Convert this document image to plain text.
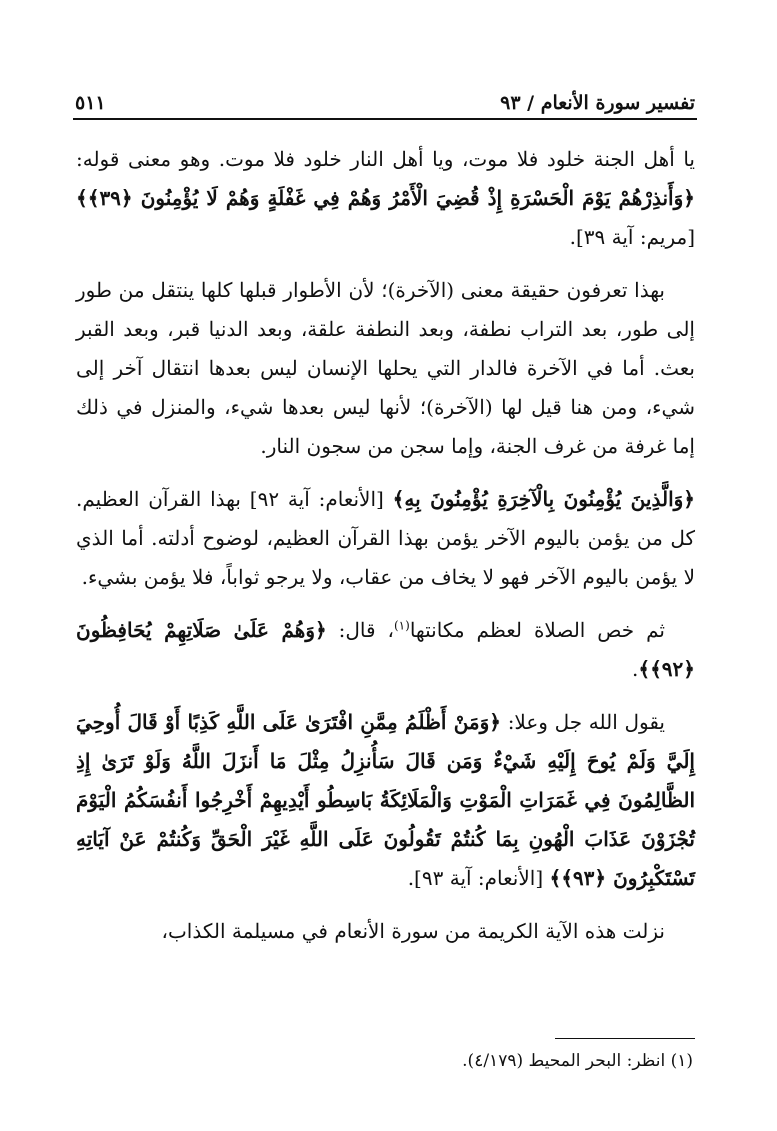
تفسير سورة الأنعام / ٩٣
٥١١

يا أهل الجنة خلود فلا موت، ويا أهل النار خلود فلا موت. وهو معنى قوله: ﴿وَأَنذِرْهُمْ يَوْمَ الْحَسْرَةِ إِذْ قُضِيَ الْأَمْرُ وَهُمْ فِي غَفْلَةٍ وَهُمْ لَا يُؤْمِنُونَ ﴿٣٩﴾﴾ [مريم: آية ٣٩].

بهذا تعرفون حقيقة معنى (الآخرة)؛ لأن الأطوار قبلها كلها ينتقل من طور إلى طور، بعد التراب نطفة، وبعد النطفة علقة، وبعد الدنيا قبر، وبعد القبر بعث. أما في الآخرة فالدار التي يحلها الإنسان ليس بعدها انتقال آخر إلى شيء، ومن هنا قيل لها (الآخرة)؛ لأنها ليس بعدها شيء، والمنزل في ذلك إما غرفة من غرف الجنة، وإما سجن من سجون النار.

﴿وَالَّذِينَ يُؤْمِنُونَ بِالْآخِرَةِ يُؤْمِنُونَ بِهِ﴾ [الأنعام: آية ٩٢] بهذا القرآن العظيم. كل من يؤمن باليوم الآخر يؤمن بهذا القرآن العظيم، لوضوح أدلته. أما الذي لا يؤمن باليوم الآخر فهو لا يخاف من عقاب، ولا يرجو ثواباً، فلا يؤمن بشيء.

ثم خص الصلاة لعظم مكانتها$^{(١)}$، قال: ﴿وَهُمْ عَلَىٰ صَلَاتِهِمْ يُحَافِظُونَ ﴿٩٢﴾﴾.

يقول الله جل وعلا: ﴿وَمَنْ أَظْلَمُ مِمَّنِ افْتَرَىٰ عَلَى اللَّهِ كَذِبًا أَوْ قَالَ أُوحِيَ إِلَيَّ وَلَمْ يُوحَ إِلَيْهِ شَيْءٌ وَمَن قَالَ سَأُنزِلُ مِثْلَ مَا أَنزَلَ اللَّهُ وَلَوْ تَرَىٰ إِذِ الظَّالِمُونَ فِي غَمَرَاتِ الْمَوْتِ وَالْمَلَائِكَةُ بَاسِطُو أَيْدِيهِمْ أَخْرِجُوا أَنفُسَكُمُ الْيَوْمَ تُجْزَوْنَ عَذَابَ الْهُونِ بِمَا كُنتُمْ تَقُولُونَ عَلَى اللَّهِ غَيْرَ الْحَقِّ وَكُنتُمْ عَنْ آيَاتِهِ تَسْتَكْبِرُونَ ﴿٩٣﴾﴾ [الأنعام: آية ٩٣].

نزلت هذه الآية الكريمة من سورة الأنعام في مسيلمة الكذاب،

(١) انظر: البحر المحيط (٤/١٧٩).
